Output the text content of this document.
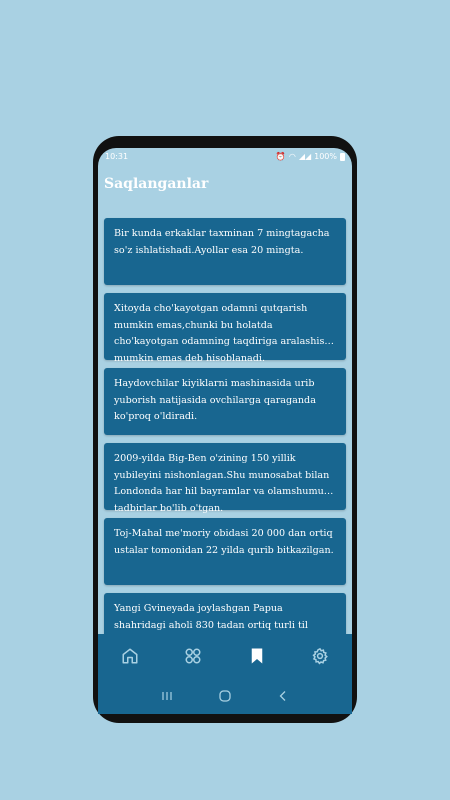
10:31	⏰ ◠ ◢◢ 100%
Saqlanganlar
Bir kunda erkaklar taxminan 7 mingtagacha so'z ishlatishadi.Ayollar esa 20 mingta.
Xitoyda cho'kayotgan odamni qutqarish mumkin emas,chunki bu holatda cho'kayotgan odamning taqdiriga aralashish mumkin emas deb hisoblanadi.
Haydovchilar kiyiklarni mashinasida urib yuborish natijasida ovchilarga qaraganda ko'proq o'ldiradi.
2009-yilda Big-Ben o'zining 150 yillik yubileyini nishonlagan.Shu munosabat bilan Londonda har hil bayramlar va olamshumul tadbirlar bo'lib o'tgan.
Toj-Mahal me'moriy obidasi 20 000 dan ortiq ustalar tomonidan 22 yilda qurib bitkazilgan.
Yangi Gvineyada joylashgan Papua shahridagi aholi 830 tadan ortiq turli til
